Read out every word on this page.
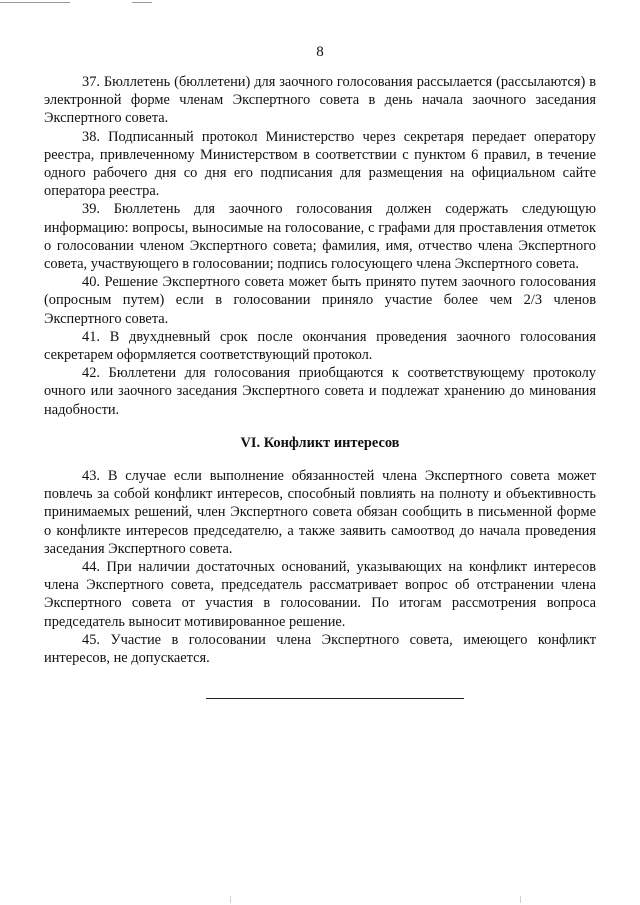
8

37. Бюллетень (бюллетени) для заочного голосования рассылается (рассылаются) в электронной форме членам Экспертного совета в день начала заочного заседания Экспертного совета.

38. Подписанный протокол Министерство через секретаря передает оператору реестра, привлеченному Министерством в соответствии с пунктом 6 правил, в течение одного рабочего дня со дня его подписания для размещения на официальном сайте оператора реестра.

39. Бюллетень для заочного голосования должен содержать следующую информацию: вопросы, выносимые на голосование, с графами для проставления отметок о голосовании членом Экспертного совета; фамилия, имя, отчество члена Экспертного совета, участвующего в голосовании; подпись голосующего члена Экспертного совета.

40. Решение Экспертного совета может быть принято путем заочного голосования (опросным путем) если в голосовании приняло участие более чем 2/3 членов Экспертного совета.

41. В двухдневный срок после окончания проведения заочного голосования секретарем оформляется соответствующий протокол.

42. Бюллетени для голосования приобщаются к соответствующему протоколу очного или заочного заседания Экспертного совета и подлежат хранению до минования надобности.

VI. Конфликт интересов

43. В случае если выполнение обязанностей члена Экспертного совета может повлечь за собой конфликт интересов, способный повлиять на полноту и объективность принимаемых решений, член Экспертного совета обязан сообщить в письменной форме о конфликте интересов председателю, а также заявить самоотвод до начала проведения заседания Экспертного совета.

44. При наличии достаточных оснований, указывающих на конфликт интересов члена Экспертного совета, председатель рассматривает вопрос об отстранении члена Экспертного совета от участия в голосовании. По итогам рассмотрения вопроса председатель выносит мотивированное решение.

45. Участие в голосовании члена Экспертного совета, имеющего конфликт интересов, не допускается.
